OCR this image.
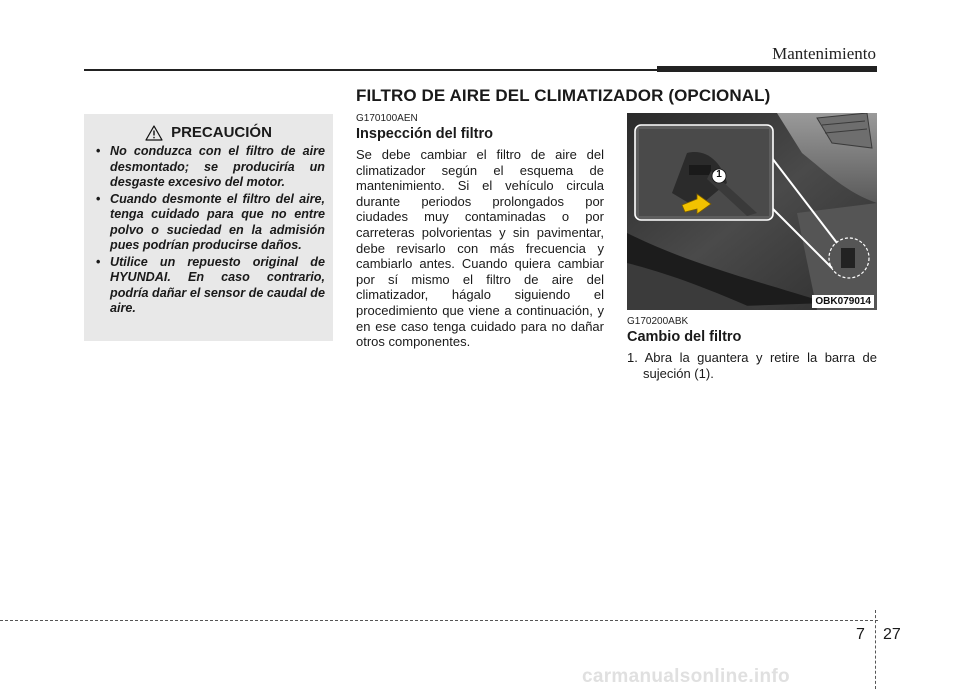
Mantenimiento
FILTRO DE AIRE DEL CLIMATIZADOR (OPCIONAL)
PRECAUCIÓN
• No conduzca con el filtro de aire desmontado; se produciría un desgaste excesivo del motor.
• Cuando desmonte el filtro del aire, tenga cuidado para que no entre polvo o suciedad en la admisión pues podrían producirse daños.
• Utilice un repuesto original de HYUNDAI. En caso contrario, podría dañar el sensor de caudal de aire.
G170100AEN
Inspección del filtro

Se debe cambiar el filtro de aire del climatizador según el esquema de mantenimiento. Si el vehículo circula durante periodos prolongados por ciudades muy contaminadas o por carreteras polvorientas y sin pavimentar, debe revisarlo con más frecuencia y cambiarlo antes. Cuando quiera cambiar por sí mismo el filtro de aire del climatizador, hágalo siguiendo el procedimiento que viene a continuación, y en ese caso tenga cuidado para no dañar otros componentes.

1
OBK079014
G170200ABK
Cambio del filtro

1. Abra la guantera y retire la barra de sujeción (1).

7 27
carmanualsonline.info
